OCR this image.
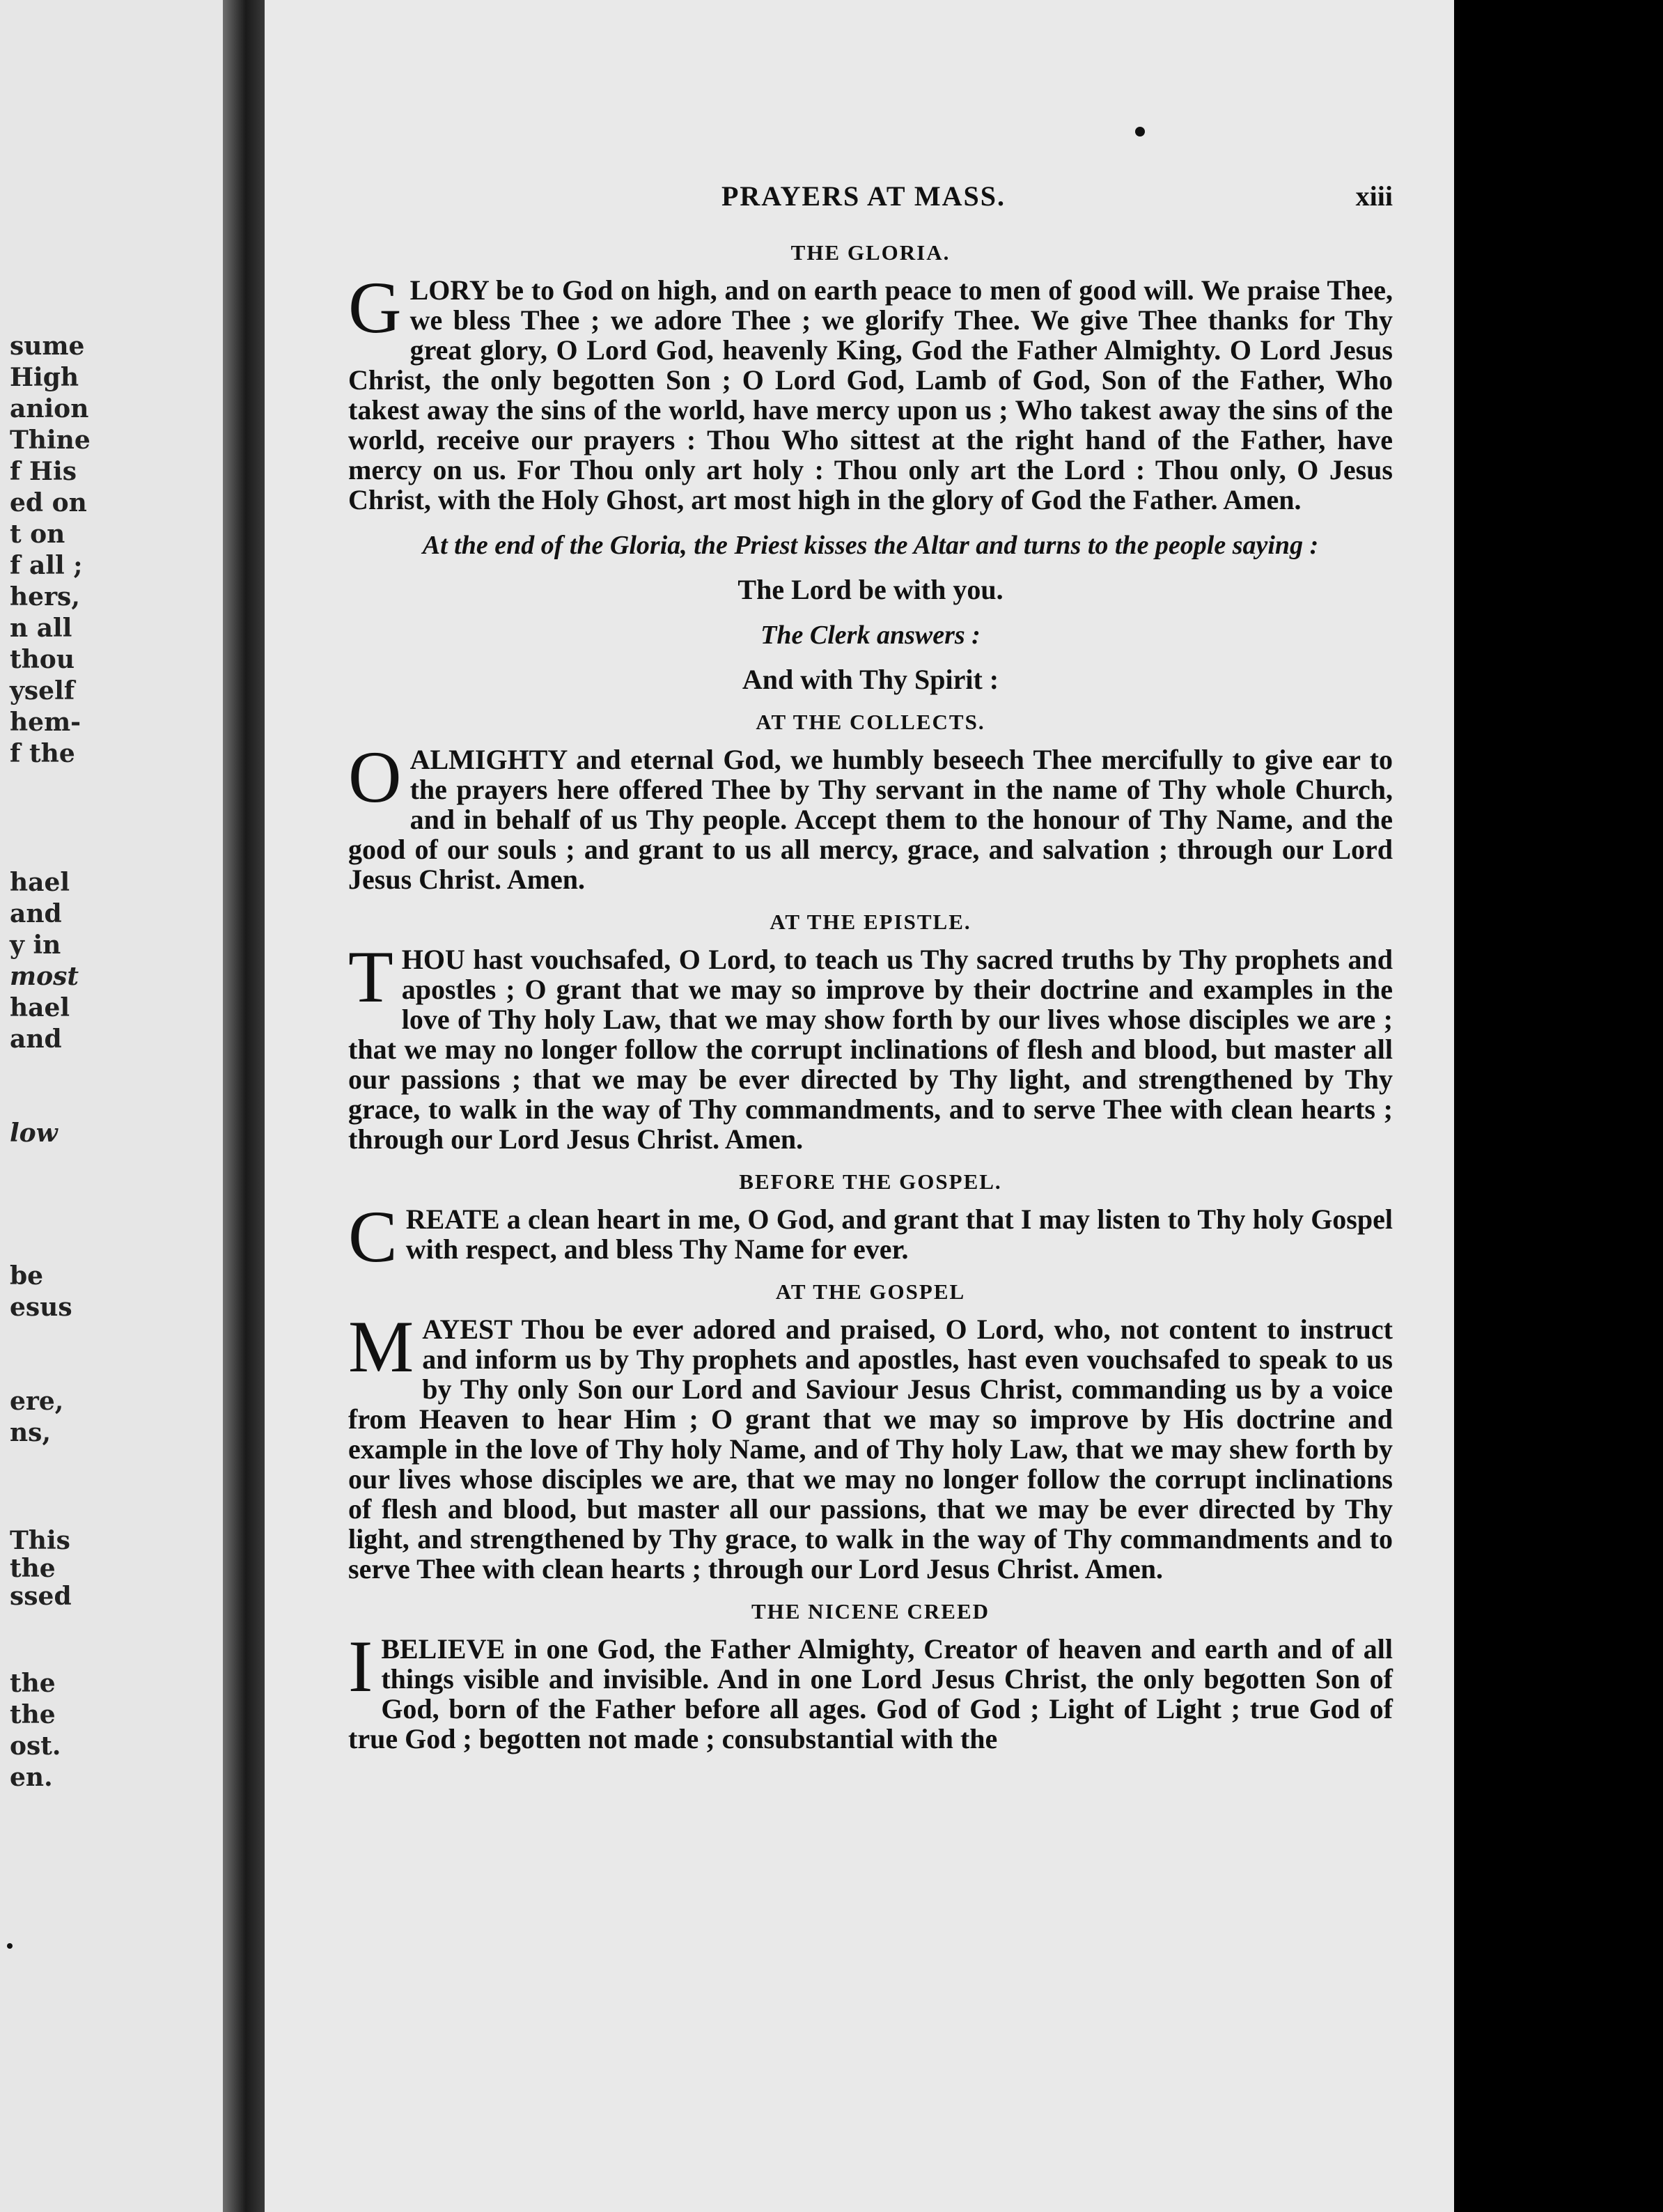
sume
High
anion
Thine
f His
ed on
t on
f all ;
hers,
n all
thou
yself
hem-
f the
hael
and
y in
most
hael
and
low
be
esus
ere,
ns,
This
the
ssed
the
the
ost.
en.
PRAYERS AT MASS.	xiii
THE GLORIA.

GLORY be to God on high, and on earth peace to men of good will. We praise Thee, we bless Thee ; we adore Thee ; we glorify Thee. We give Thee thanks for Thy great glory, O Lord God, heavenly King, God the Father Almighty. O Lord Jesus Christ, the only begotten Son ; O Lord God, Lamb of God, Son of the Father, Who takest away the sins of the world, have mercy upon us ; Who takest away the sins of the world, receive our prayers : Thou Who sittest at the right hand of the Father, have mercy on us. For Thou only art holy : Thou only art the Lord : Thou only, O Jesus Christ, with the Holy Ghost, art most high in the glory of God the Father. Amen.

At the end of the Gloria, the Priest kisses the Altar and turns to the people saying :

The Lord be with you.

The Clerk answers :

And with Thy Spirit :

AT THE COLLECTS.

OALMIGHTY and eternal God, we humbly beseech Thee mercifully to give ear to the prayers here offered Thee by Thy servant in the name of Thy whole Church, and in behalf of us Thy people. Accept them to the honour of Thy Name, and the good of our souls ; and grant to us all mercy, grace, and salvation ; through our Lord Jesus Christ. Amen.

AT THE EPISTLE.

THOU hast vouchsafed, O Lord, to teach us Thy sacred truths by Thy prophets and apostles ; O grant that we may so improve by their doctrine and examples in the love of Thy holy Law, that we may show forth by our lives whose disciples we are ; that we may no longer follow the corrupt inclinations of flesh and blood, but master all our passions ; that we may be ever directed by Thy light, and strengthened by Thy grace, to walk in the way of Thy commandments, and to serve Thee with clean hearts ; through our Lord Jesus Christ. Amen.

BEFORE THE GOSPEL.

CREATE a clean heart in me, O God, and grant that I may listen to Thy holy Gospel with respect, and bless Thy Name for ever.

AT THE GOSPEL

MAYEST Thou be ever adored and praised, O Lord, who, not content to instruct and inform us by Thy prophets and apostles, hast even vouchsafed to speak to us by Thy only Son our Lord and Saviour Jesus Christ, commanding us by a voice from Heaven to hear Him ; O grant that we may so improve by His doctrine and example in the love of Thy holy Name, and of Thy holy Law, that we may shew forth by our lives whose disciples we are, that we may no longer follow the corrupt inclinations of flesh and blood, but master all our passions, that we may be ever directed by Thy light, and strengthened by Thy grace, to walk in the way of Thy commandments and to serve Thee with clean hearts ; through our Lord Jesus Christ. Amen.

THE NICENE CREED

IBELIEVE in one God, the Father Almighty, Creator of heaven and earth and of all things visible and invisible. And in one Lord Jesus Christ, the only begotten Son of God, born of the Father before all ages. God of God ; Light of Light ; true God of true God ; begotten not made ; consubstantial with the
